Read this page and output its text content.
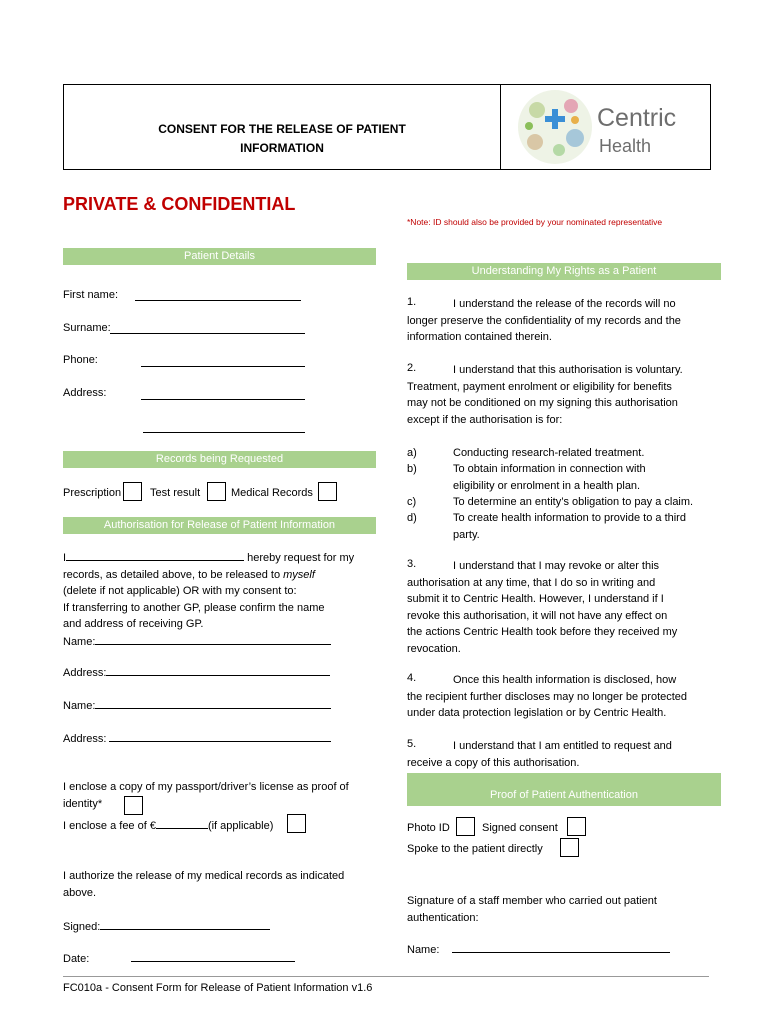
CONSENT FOR THE RELEASE OF PATIENT
INFORMATION
Centric
Health
PRIVATE & CONFIDENTIAL
*Note: ID should also be provided by your nominated representative
Patient Details
First name:
Surname:
Phone:
Address:
Records being Requested
Prescription	Test result	Medical Records
Authorisation for Release of Patient Information
I	hereby request for my
records, as detailed above, to be released to myself
(delete if not applicable) OR with my consent to:
If transferring to another GP, please confirm the name
and address of receiving GP.
Name:
Address:
Name:
Address:
I enclose a copy of my passport/driver’s license as proof of
identity*
I enclose a fee of €	(if applicable)
I authorize the release of my medical records as indicated
above.
Signed:
Date:
Understanding My Rights as a Patient
1.	I understand the release of the records will no
longer preserve the confidentiality of my records and the
information contained therein.
2.	I understand that this authorisation is voluntary.
Treatment, payment enrolment or eligibility for benefits
may not be conditioned on my signing this authorisation
except if the authorisation is for:
a)	Conducting research-related treatment.
b)	To obtain information in connection with
eligibility or enrolment in a health plan.
c)	To determine an entity’s obligation to pay a claim.
d)	To create health information to provide to a third
party.
3.	I understand that I may revoke or alter this
authorisation at any time, that I do so in writing and
submit it to Centric Health. However, I understand if I
revoke this authorisation, it will not have any effect on
the actions Centric Health took before they received my
revocation.
4.	Once this health information is disclosed, how
the recipient further discloses may no longer be protected
under data protection legislation or by Centric Health.
5.	I understand that I am entitled to request and
receive a copy of this authorisation.
Proof of Patient Authentication
Photo ID	Signed consent
Spoke to the patient directly
Signature of a staff member who carried out patient
authentication:
Name:
FC010a - Consent Form for Release of Patient Information v1.6
